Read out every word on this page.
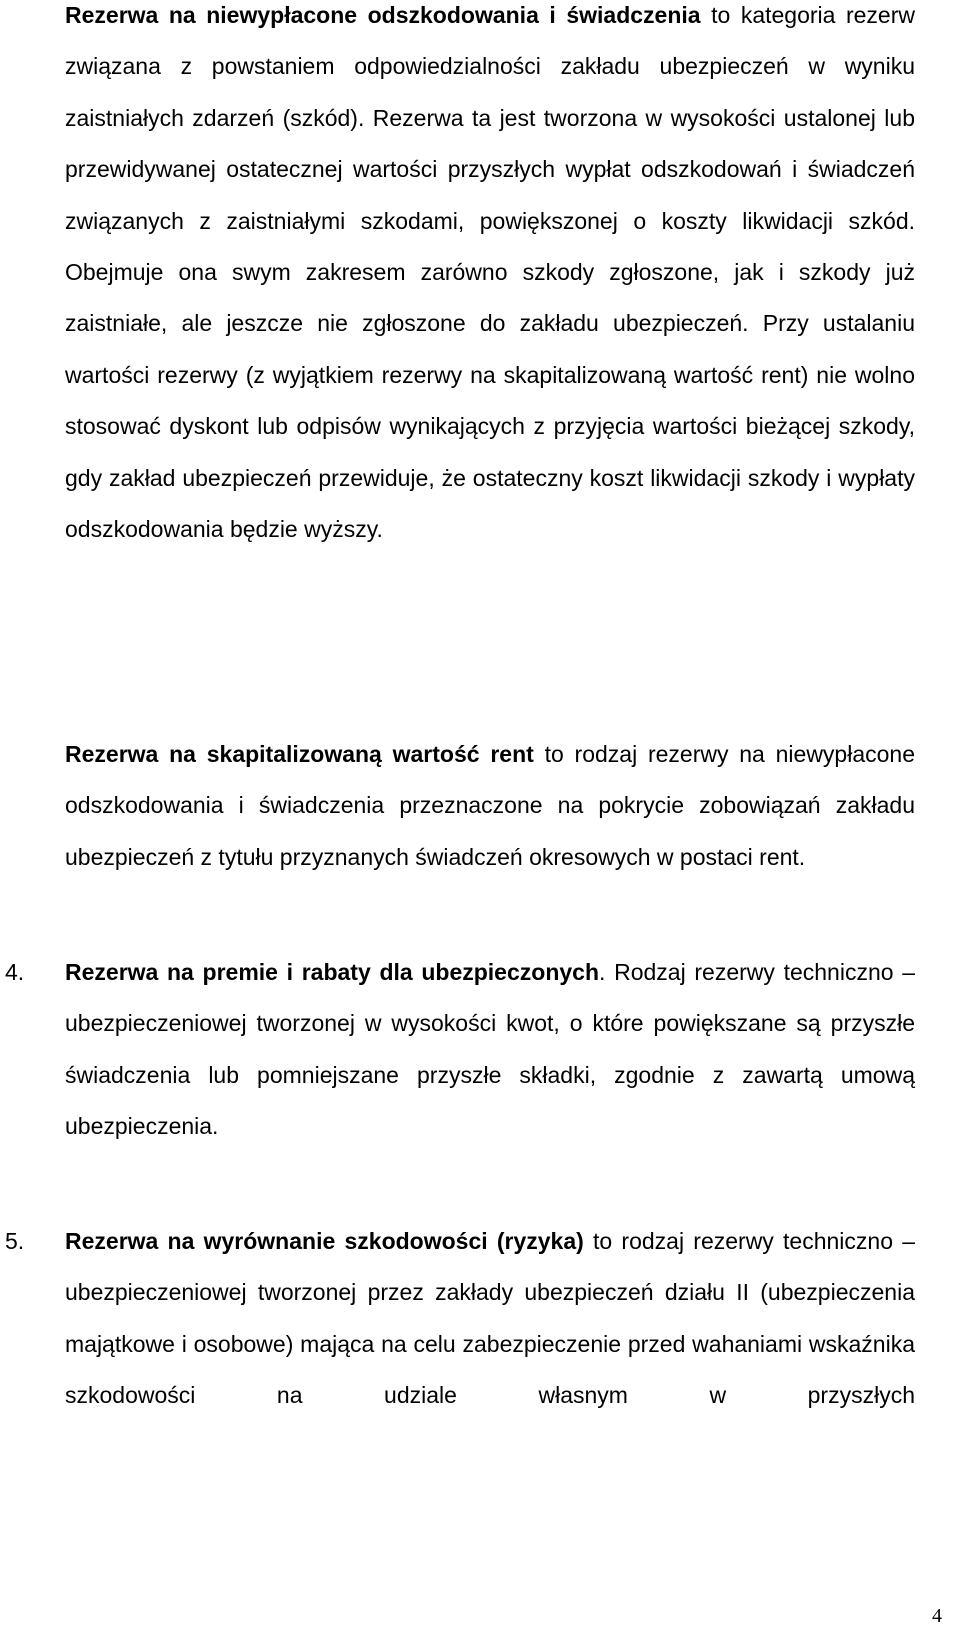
Rezerwa na niewypłacone odszkodowania i świadczenia to kategoria rezerw związana z powstaniem odpowiedzialności zakładu ubezpieczeń w wyniku zaistniałych zdarzeń (szkód). Rezerwa ta jest tworzona w wysokości ustalonej lub przewidywanej ostatecznej wartości przyszłych wypłat odszkodowań i świadczeń związanych z zaistniałymi szkodami, powiększonej o koszty likwidacji szkód. Obejmuje ona swym zakresem zarówno szkody zgłoszone, jak i szkody już zaistniałe, ale jeszcze nie zgłoszone do zakładu ubezpieczeń. Przy ustalaniu wartości rezerwy (z wyjątkiem rezerwy na skapitalizowaną wartość rent) nie wolno stosować dyskont lub odpisów wynikających z przyjęcia wartości bieżącej szkody, gdy zakład ubezpieczeń przewiduje, że ostateczny koszt likwidacji szkody i wypłaty odszkodowania będzie wyższy.

Rezerwa na skapitalizowaną wartość rent to rodzaj rezerwy na niewypłacone odszkodowania i świadczenia przeznaczone na pokrycie zobowiązań zakładu ubezpieczeń z tytułu przyznanych świadczeń okresowych w postaci rent.

4. Rezerwa na premie i rabaty dla ubezpieczonych. Rodzaj rezerwy techniczno – ubezpieczeniowej tworzonej w wysokości kwot, o które powiększane są przyszłe świadczenia lub pomniejszane przyszłe składki, zgodnie z zawartą umową ubezpieczenia.

5. Rezerwa na wyrównanie szkodowości (ryzyka) to rodzaj rezerwy techniczno – ubezpieczeniowej tworzonej przez zakłady ubezpieczeń działu II (ubezpieczenia majątkowe i osobowe) mająca na celu zabezpieczenie przed wahaniami wskaźnika szkodowości na udziale własnym w przyszłych

4
